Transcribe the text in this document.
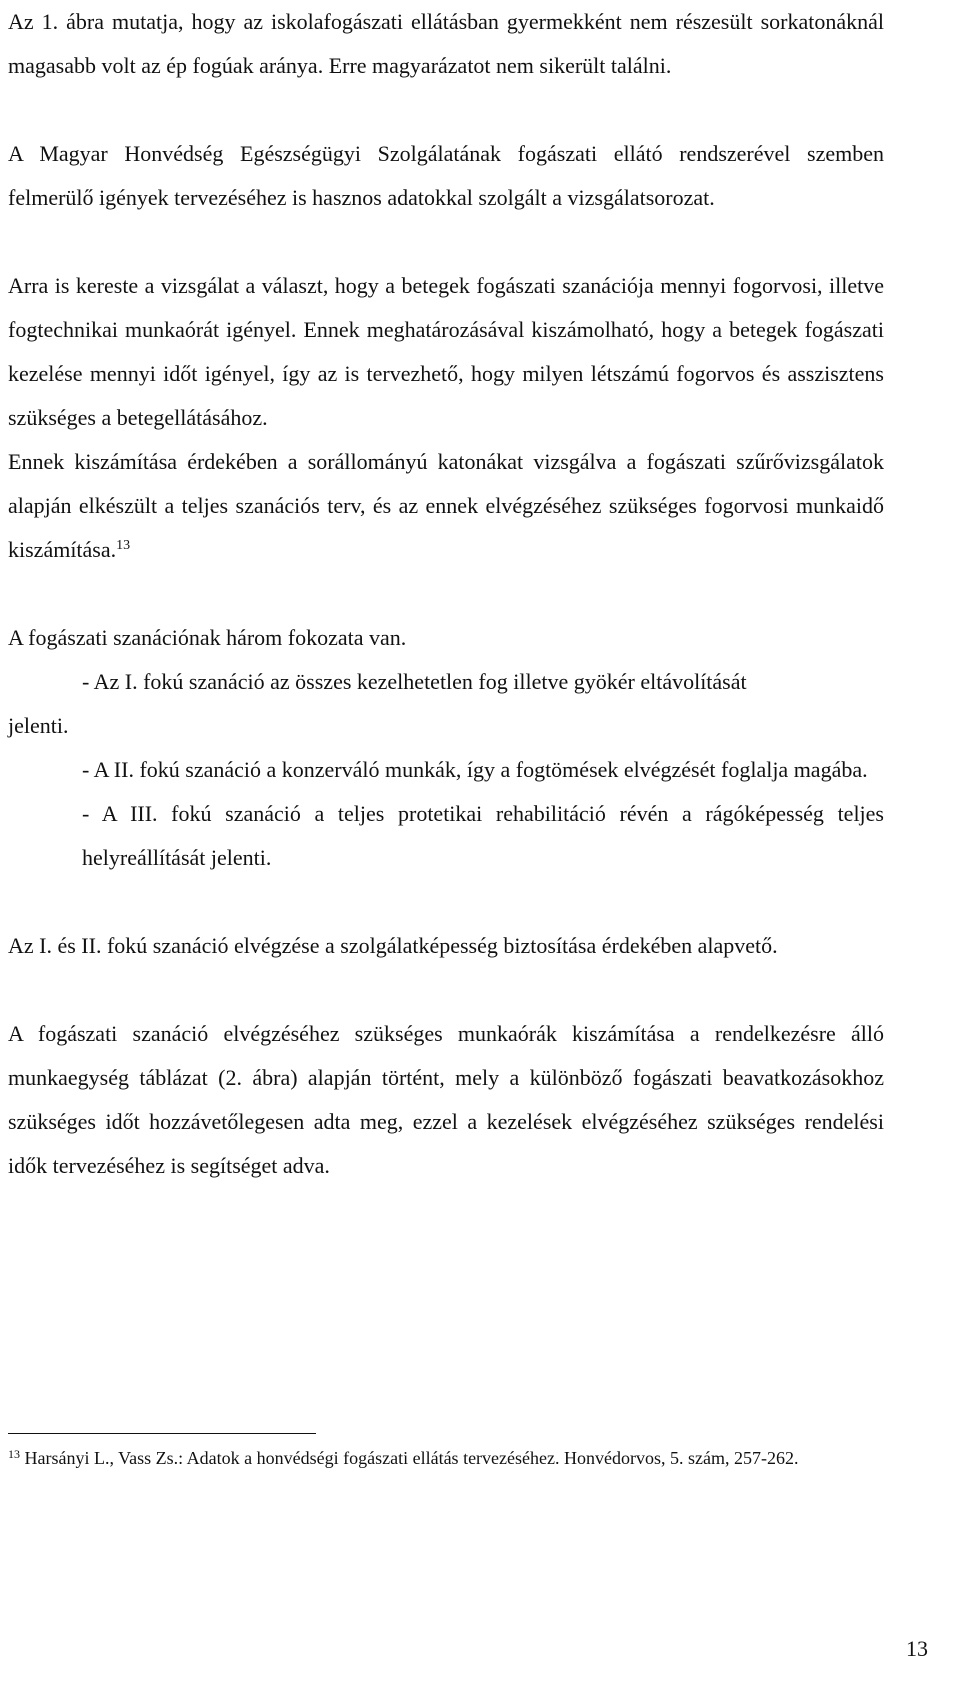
Az 1. ábra mutatja, hogy az iskolafogászati ellátásban gyermekként nem részesült sorkatonáknál magasabb volt az ép fogúak aránya. Erre magyarázatot nem sikerült találni.

A Magyar Honvédség Egészségügyi Szolgálatának fogászati ellátó rendszerével szemben felmerülő igények tervezéséhez is hasznos adatokkal szolgált a vizsgálatsorozat.

Arra is kereste a vizsgálat a választ, hogy a betegek fogászati szanációja mennyi fogorvosi, illetve fogtechnikai munkaórát igényel. Ennek meghatározásával kiszámolható, hogy a betegek fogászati kezelése mennyi időt igényel, így az is tervezhető, hogy milyen létszámú fogorvos és asszisztens szükséges a betegellátásához.

Ennek kiszámítása érdekében a sorállományú katonákat vizsgálva a fogászati szűrővizsgálatok alapján elkészült a teljes szanációs terv, és az ennek elvégzéséhez szükséges fogorvosi munkaidő kiszámítása.$^{13}$

A fogászati szanációnak három fokozata van.

- Az I. fokú szanáció az összes kezelhetetlen fog illetve gyökér eltávolítását
jelenti.
- A II. fokú szanáció a konzerváló munkák, így a fogtömések elvégzését foglalja magába.
- A III. fokú szanáció a teljes protetikai rehabilitáció révén a rágóképesség teljes helyreállítását jelenti.

Az I. és II. fokú szanáció elvégzése a szolgálatképesség biztosítása érdekében alapvető.

A fogászati szanáció elvégzéséhez szükséges munkaórák kiszámítása a rendelkezésre álló munkaegység táblázat (2. ábra) alapján történt, mely a különböző fogászati beavatkozásokhoz szükséges időt hozzávetőlegesen adta meg, ezzel a kezelések elvégzéséhez szükséges rendelési idők tervezéséhez is segítséget adva.

$^{13}$ Harsányi L., Vass Zs.: Adatok a honvédségi fogászati ellátás tervezéséhez. Honvédorvos, 5. szám, 257-262.
13
